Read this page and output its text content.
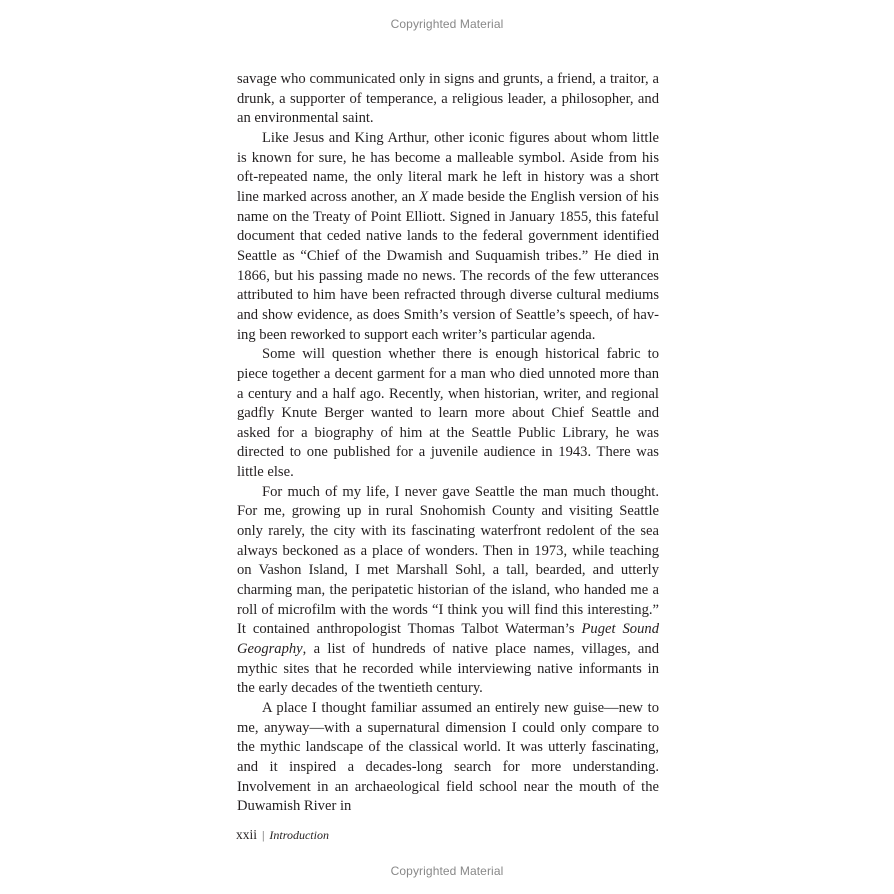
Copyrighted Material

savage who communicated only in signs and grunts, a friend, a traitor, a drunk, a supporter of temperance, a religious leader, a philosopher, and an environmental saint.

Like Jesus and King Arthur, other iconic figures about whom little is known for sure, he has become a malleable symbol. Aside from his oft-repeated name, the only literal mark he left in history was a short line marked across another, an X made beside the English version of his name on the Treaty of Point Elliott. Signed in January 1855, this fateful document that ceded native lands to the federal government identified Seattle as “Chief of the Dwamish and Suquamish tribes.” He died in 1866, but his passing made no news. The records of the few utterances attributed to him have been refracted through diverse cultural mediums and show evidence, as does Smith’s version of Seattle’s speech, of having been reworked to support each writer’s particular agenda.

Some will question whether there is enough historical fabric to piece together a decent garment for a man who died unnoted more than a century and a half ago. Recently, when historian, writer, and regional gadfly Knute Berger wanted to learn more about Chief Seattle and asked for a biography of him at the Seattle Public Library, he was directed to one published for a juvenile audience in 1943. There was little else.

For much of my life, I never gave Seattle the man much thought. For me, growing up in rural Snohomish County and visiting Seattle only rarely, the city with its fascinating waterfront redolent of the sea always beckoned as a place of wonders. Then in 1973, while teaching on Vashon Island, I met Marshall Sohl, a tall, bearded, and utterly charming man, the peripatetic historian of the island, who handed me a roll of microfilm with the words “I think you will find this interesting.” It contained anthropologist Thomas Talbot Waterman’s Puget Sound Geography, a list of hundreds of native place names, villages, and mythic sites that he recorded while interviewing native informants in the early decades of the twentieth century.

A place I thought familiar assumed an entirely new guise—new to me, anyway—with a supernatural dimension I could only compare to the mythic landscape of the classical world. It was utterly fascinating, and it inspired a decades-long search for more understanding. Involvement in an archaeological field school near the mouth of the Duwamish River in

xxii | Introduction
Copyrighted Material
